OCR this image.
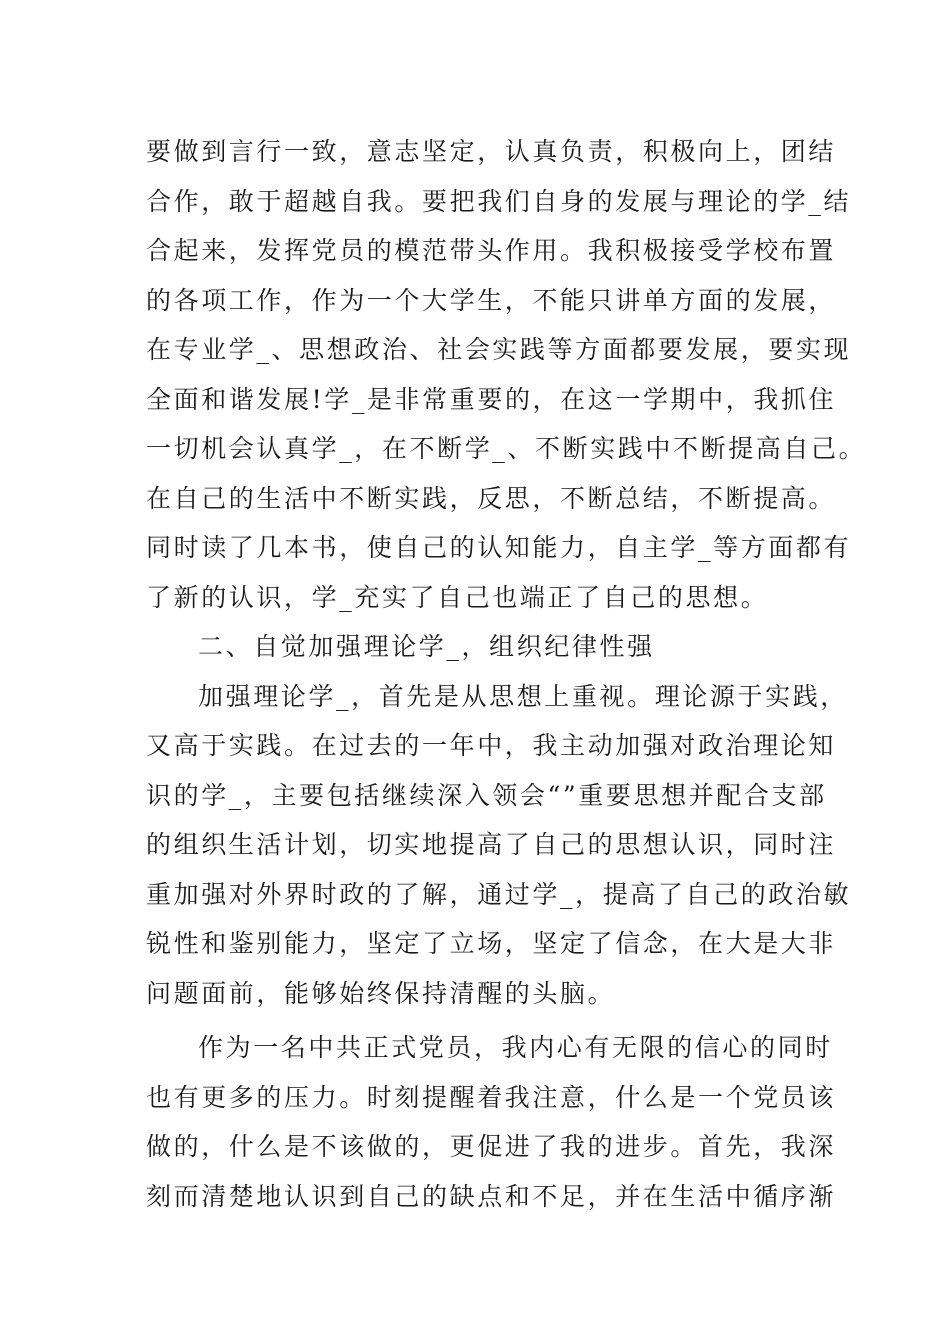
要做到言行一致，意志坚定，认真负责，积极向上，团结
合作，敢于超越自我。要把我们自身的发展与理论的学_结
合起来，发挥党员的模范带头作用。我积极接受学校布置
的各项工作，作为一个大学生，不能只讲单方面的发展，
在专业学_、思想政治、社会实践等方面都要发展，要实现
全面和谐发展!学_是非常重要的，在这一学期中，我抓住
一切机会认真学_，在不断学_、不断实践中不断提高自己。
在自己的生活中不断实践，反思，不断总结，不断提高。
同时读了几本书，使自己的认知能力，自主学_等方面都有
了新的认识，学_充实了自己也端正了自己的思想。
二、自觉加强理论学_，组织纪律性强
加强理论学_，首先是从思想上重视。理论源于实践，
又高于实践。在过去的一年中，我主动加强对政治理论知
识的学_，主要包括继续深入领会“”重要思想并配合支部
的组织生活计划，切实地提高了自己的思想认识，同时注
重加强对外界时政的了解，通过学_，提高了自己的政治敏
锐性和鉴别能力，坚定了立场，坚定了信念，在大是大非
问题面前，能够始终保持清醒的头脑。
作为一名中共正式党员，我内心有无限的信心的同时
也有更多的压力。时刻提醒着我注意，什么是一个党员该
做的，什么是不该做的，更促进了我的进步。首先，我深
刻而清楚地认识到自己的缺点和不足，并在生活中循序渐
